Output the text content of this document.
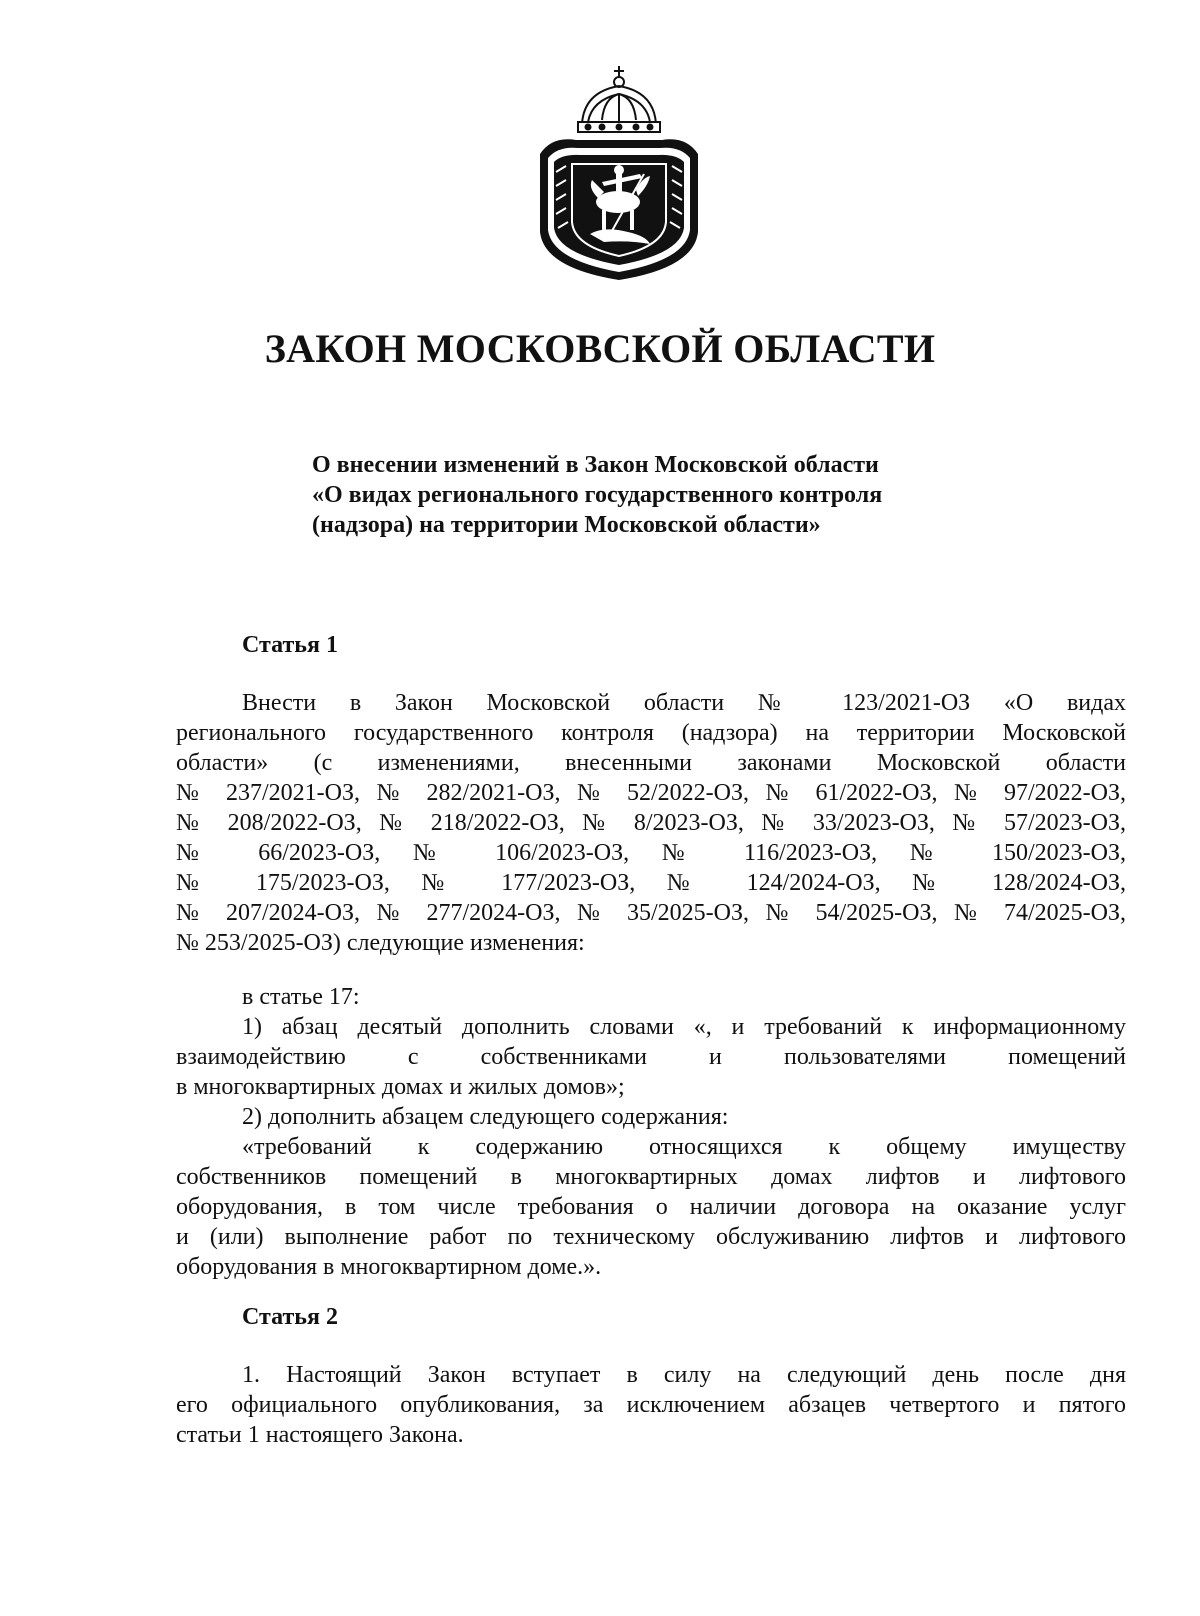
ЗАКОН МОСКОВСКОЙ ОБЛАСТИ
О внесении изменений в Закон Московской области
«О видах регионального государственного контроля
(надзора) на территории Московской области»
Статья 1
Внести в Закон Московской области № 123/2021-ОЗ «О видах
регионального государственного контроля (надзора) на территории Московской
области» (с изменениями, внесенными законами Московской области
№ 237/2021-ОЗ, № 282/2021-ОЗ, № 52/2022-ОЗ, № 61/2022-ОЗ, № 97/2022-ОЗ,
№ 208/2022-ОЗ, № 218/2022-ОЗ, № 8/2023-ОЗ, № 33/2023-ОЗ, № 57/2023-ОЗ,
№ 66/2023-ОЗ, № 106/2023-ОЗ, № 116/2023-ОЗ, № 150/2023-ОЗ,
№ 175/2023-ОЗ, № 177/2023-ОЗ, № 124/2024-ОЗ, № 128/2024-ОЗ,
№ 207/2024-ОЗ, № 277/2024-ОЗ, № 35/2025-ОЗ, № 54/2025-ОЗ, № 74/2025-ОЗ,
№ 253/2025-ОЗ) следующие изменения:
в статье 17:
1) абзац десятый дополнить словами «, и требований к информационному
взаимодействию с собственниками и пользователями помещений
в многоквартирных домах и жилых домов»;
2) дополнить абзацем следующего содержания:
«требований к содержанию относящихся к общему имуществу
собственников помещений в многоквартирных домах лифтов и лифтового
оборудования, в том числе требования о наличии договора на оказание услуг
и (или) выполнение работ по техническому обслуживанию лифтов и лифтового
оборудования в многоквартирном доме.».
Статья 2
1. Настоящий Закон вступает в силу на следующий день после дня
его официального опубликования, за исключением абзацев четвертого и пятого
статьи 1 настоящего Закона.
